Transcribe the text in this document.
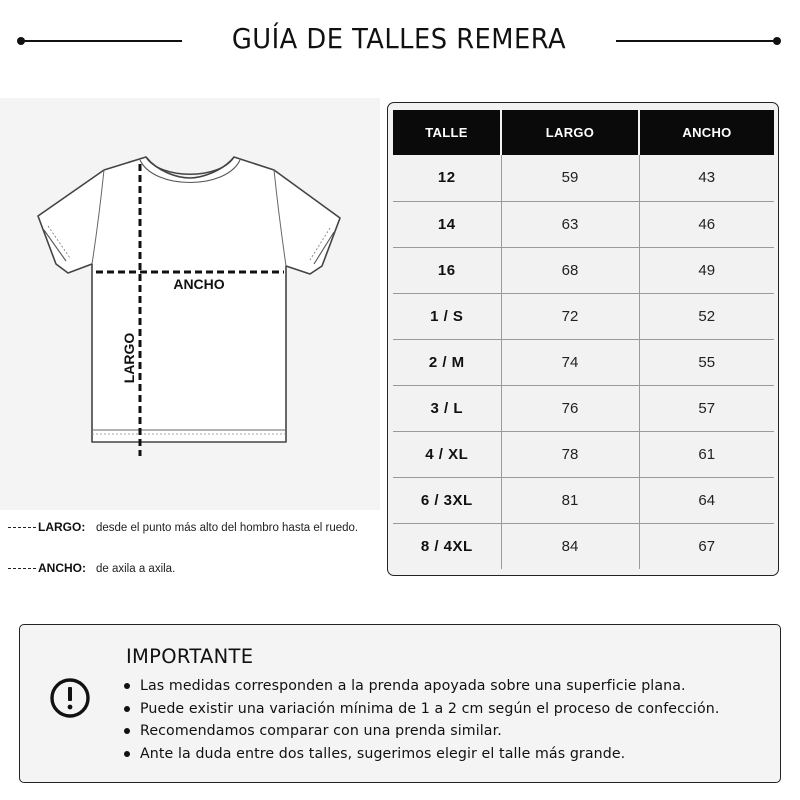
GUÍA DE TALLES REMERA
ANCHO
LARGO
LARGO: desde el punto más alto del hombro hasta el ruedo.
ANCHO: de axila a axila.
TALLE	LARGO	ANCHO
12	59	43
14	63	46
16	68	49
1 / S	72	52
2 / M	74	55
3 / L	76	57
4 / XL	78	61
6 / 3XL	81	64
8 / 4XL	84	67
IMPORTANTE
Las medidas corresponden a la prenda apoyada sobre una superficie plana.
Puede existir una variación mínima de 1 a 2 cm según el proceso de confección.
Recomendamos comparar con una prenda similar.
Ante la duda entre dos talles, sugerimos elegir el talle más grande.
